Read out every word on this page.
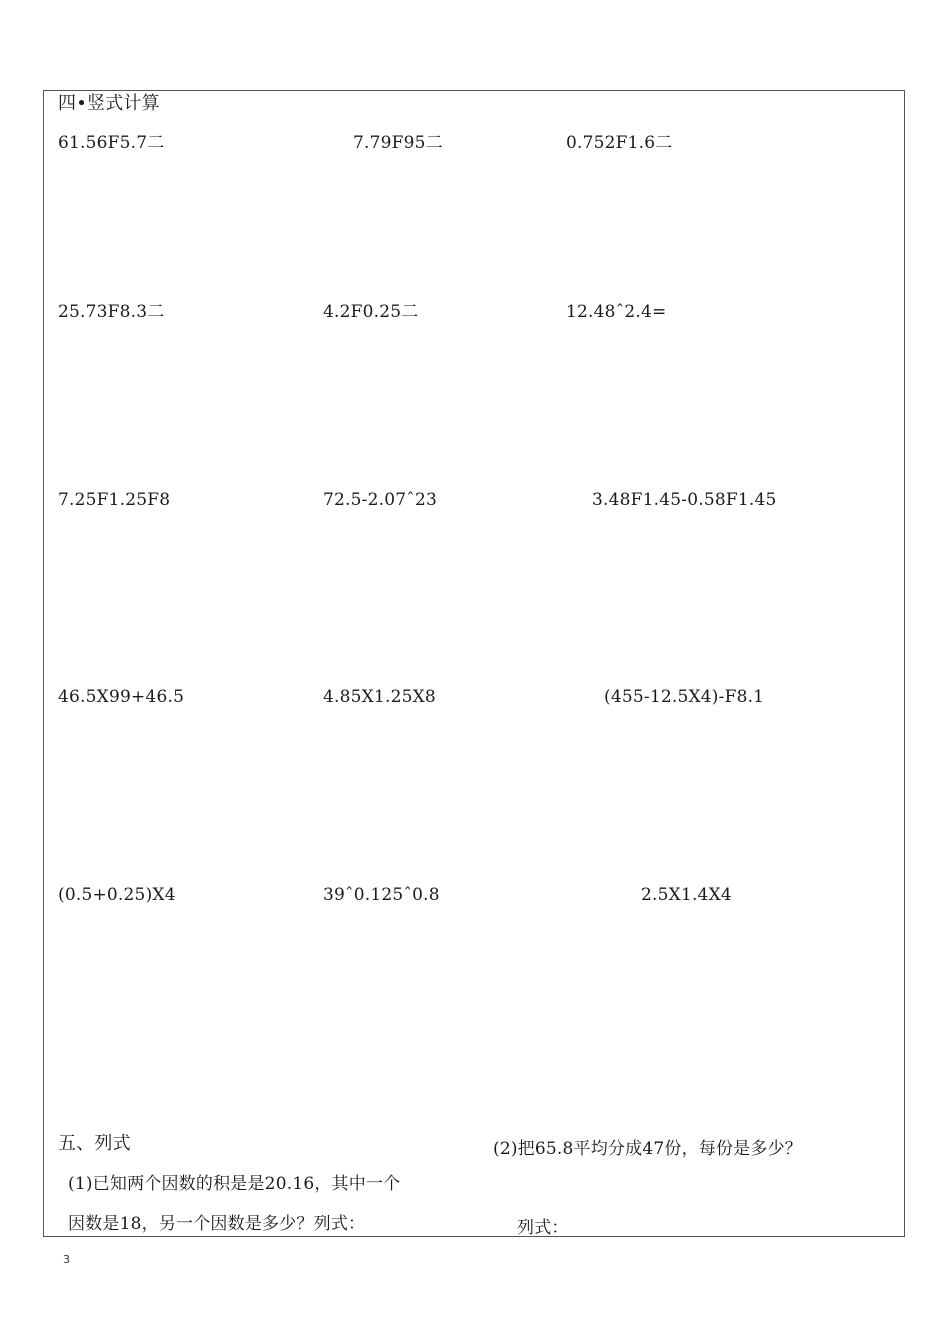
四•竖式计算
61.56F5.7二	7.79F95二	0.752F1.6二
25.73F8.3二	4.2F0.25二	12.48ˆ2.4=
7.25F1.25F8	72.5-2.07ˆ23	3.48F1.45-0.58F1.45
46.5X99+46.5	4.85X1.25X8	(455-12.5X4)-F8.1
(0.5+0.25)X4	39ˆ0.125ˆ0.8	2.5X1.4X4
五、列式
(1)已知两个因数的积是是20.16，其中一个
因数是18，另一个因数是多少？列式：
(2)把65.8平均分成47份，每份是多少？
列式：
3
